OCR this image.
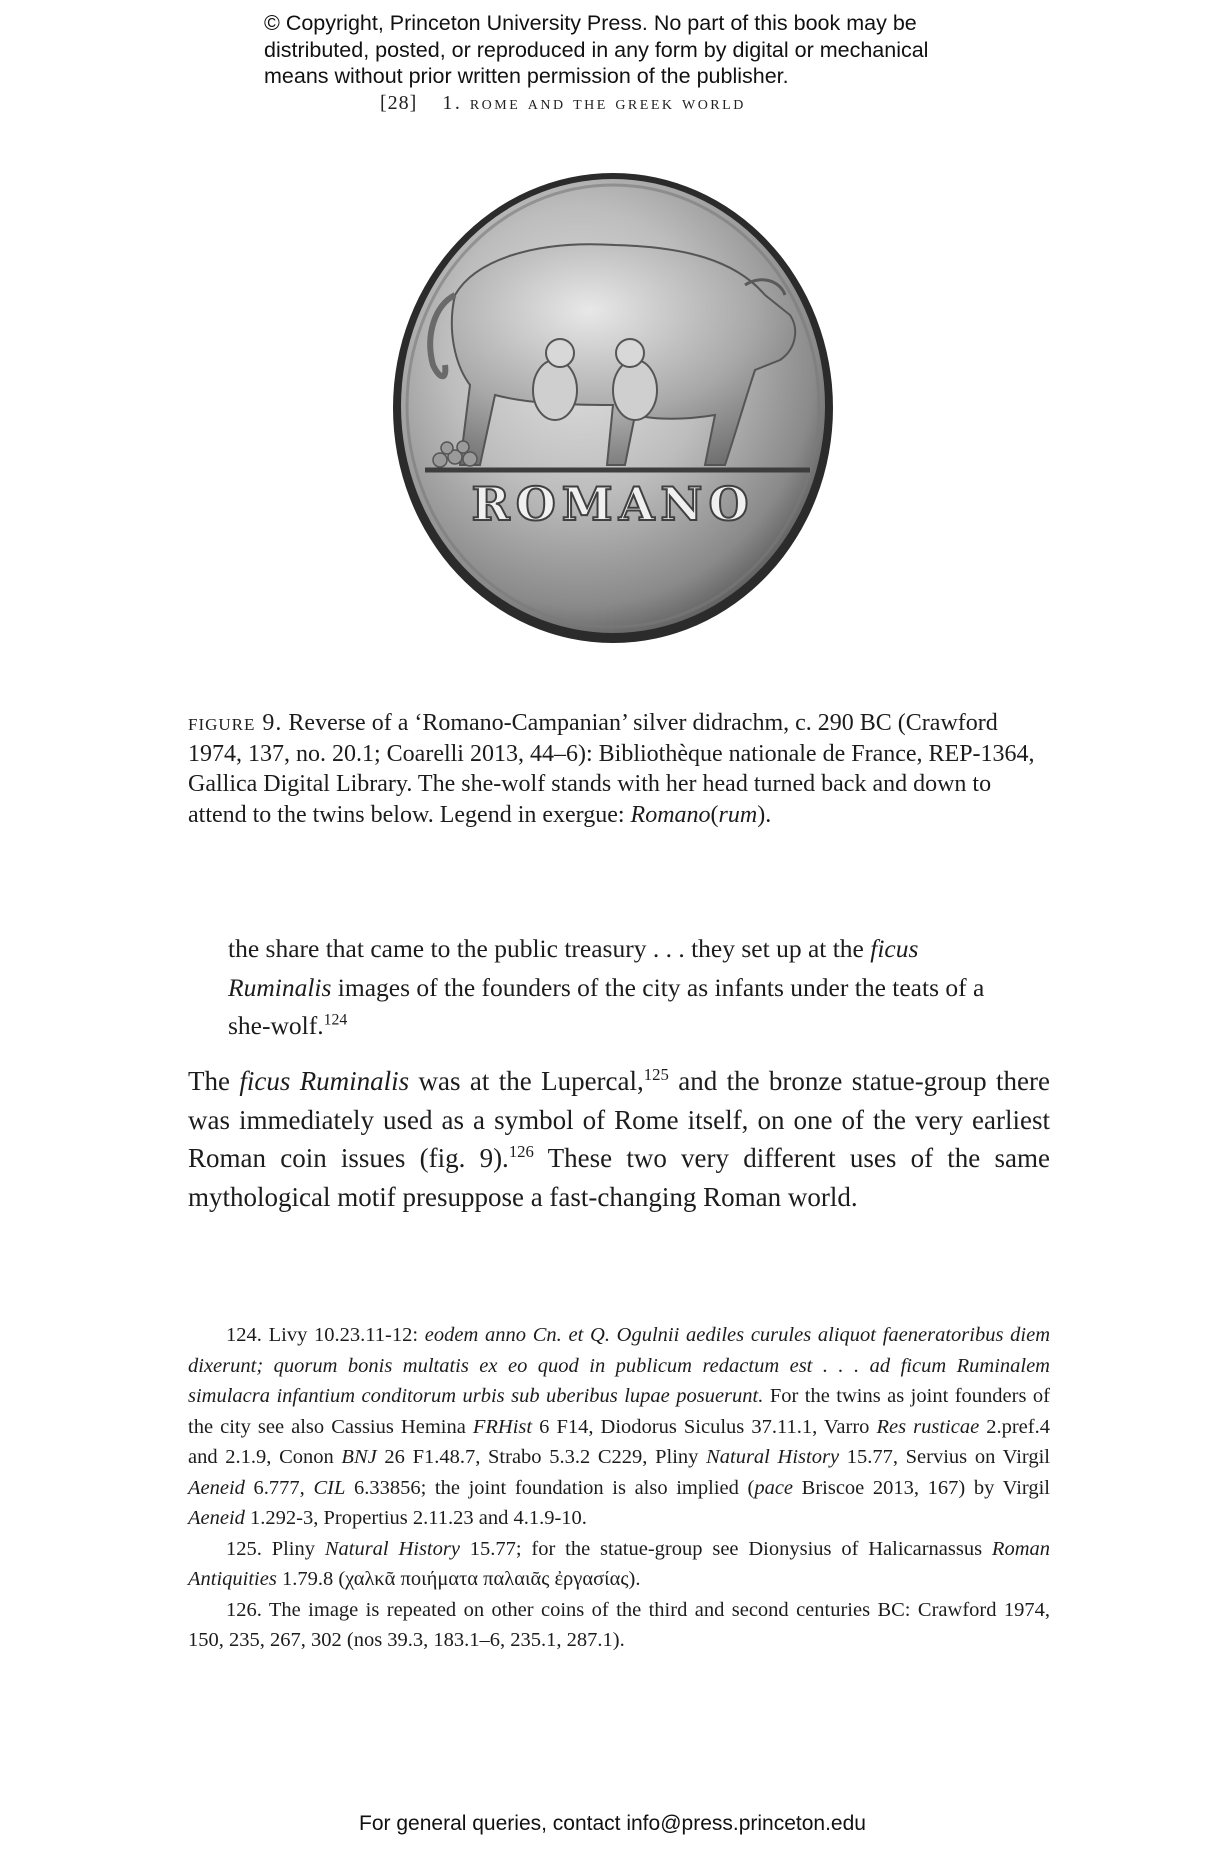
© Copyright, Princeton University Press. No part of this book may be
distributed, posted, or reproduced in any form by digital or mechanical
means without prior written permission of the publisher.
[28] 1. rome and the greek world
ROMANO
figure 9. Reverse of a ‘Romano-Campanian’ silver didrachm, c. 290 BC (Crawford 1974, 137, no. 20.1; Coarelli 2013, 44–6): Bibliothèque nationale de France, REP-1364, Gallica Digital Library. The she-wolf stands with her head turned back and down to attend to the twins below. Legend in exergue: Romano(rum).
the share that came to the public treasury . . . they set up at the ficus Ruminalis images of the founders of the city as infants under the teats of a she-wolf.$^{124}$
The ficus Ruminalis was at the Lupercal,$^{125}$ and the bronze statue-group there was immediately used as a symbol of Rome itself, on one of the very earliest Roman coin issues (fig. 9).$^{126}$ These two very different uses of the same mythological motif presuppose a fast-changing Roman world.

124. Livy 10.23.11-12: eodem anno Cn. et Q. Ogulnii aediles curules aliquot faeneratoribus diem dixerunt; quorum bonis multatis ex eo quod in publicum redactum est . . . ad ficum Ruminalem simulacra infantium conditorum urbis sub uberibus lupae posuerunt. For the twins as joint founders of the city see also Cassius Hemina FRHist 6 F14, Diodorus Siculus 37.11.1, Varro Res rusticae 2.pref.4 and 2.1.9, Conon BNJ 26 F1.48.7, Strabo 5.3.2 C229, Pliny Natural History 15.77, Servius on Virgil Aeneid 6.777, CIL 6.33856; the joint foundation is also implied (pace Briscoe 2013, 167) by Virgil Aeneid 1.292-3, Propertius 2.11.23 and 4.1.9-10.

125. Pliny Natural History 15.77; for the statue-group see Dionysius of Halicarnassus Roman Antiquities 1.79.8 (χαλκᾶ ποιήματα παλαιᾶς ἐργασίας).

126. The image is repeated on other coins of the third and second centuries BC: Crawford 1974, 150, 235, 267, 302 (nos 39.3, 183.1–6, 235.1, 287.1).

For general queries, contact info@press.princeton.edu
